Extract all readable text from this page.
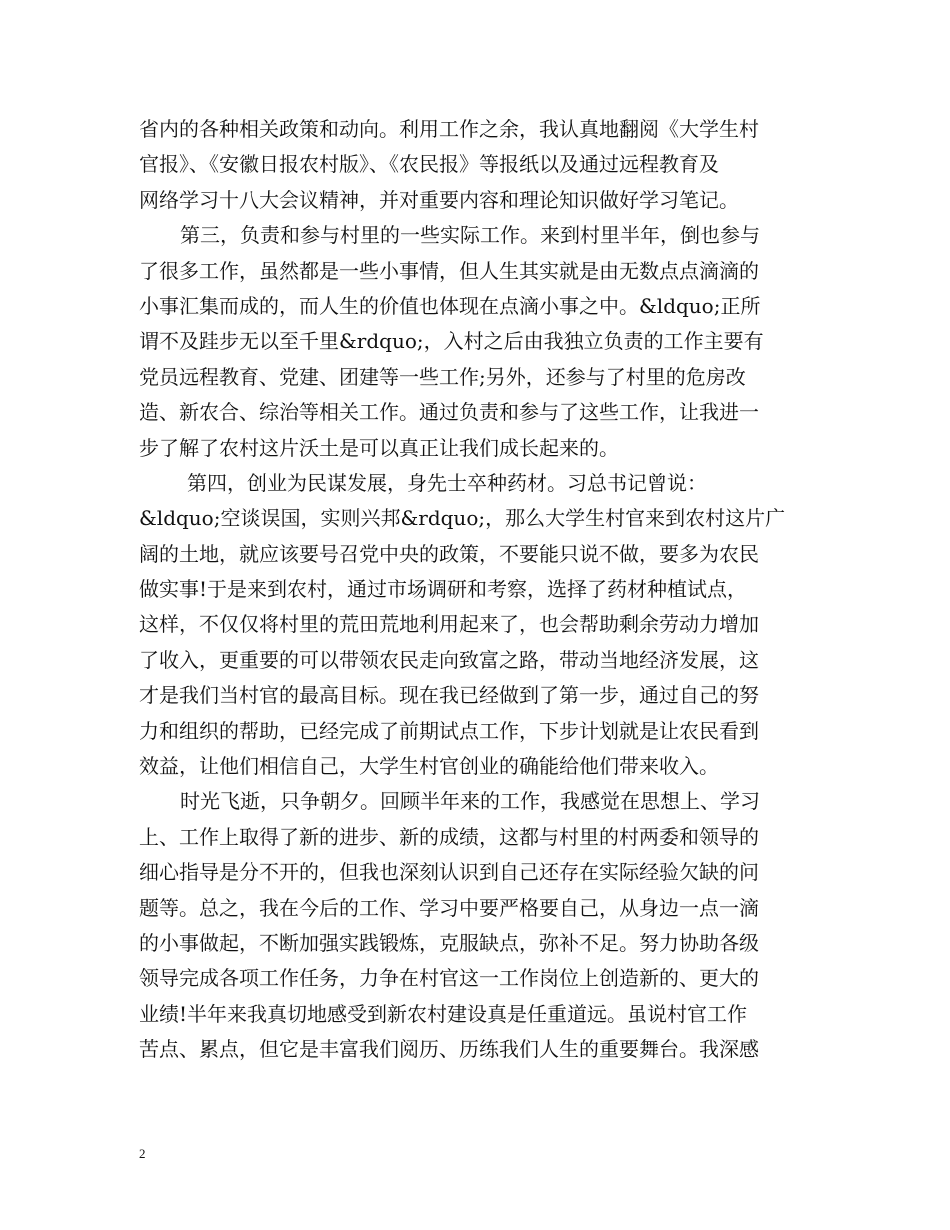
省内的各种相关政策和动向。利用工作之余，我认真地翻阅《大学生村
官报》、《安徽日报农村版》、《农民报》等报纸以及通过远程教育及
网络学习十八大会议精神，并对重要内容和理论知识做好学习笔记。
第三，负责和参与村里的一些实际工作。来到村里半年，倒也参与
了很多工作，虽然都是一些小事情，但人生其实就是由无数点点滴滴的
小事汇集而成的，而人生的价值也体现在点滴小事之中。&ldquo;正所
谓不及跬步无以至千里&rdquo;，入村之后由我独立负责的工作主要有
党员远程教育、党建、团建等一些工作;另外，还参与了村里的危房改
造、新农合、综治等相关工作。通过负责和参与了这些工作，让我进一
步了解了农村这片沃土是可以真正让我们成长起来的。
第四，创业为民谋发展，身先士卒种药材。习总书记曾说：
&ldquo;空谈误国，实则兴邦&rdquo;，那么大学生村官来到农村这片广
阔的土地，就应该要号召党中央的政策，不要能只说不做，要多为农民
做实事!于是来到农村，通过市场调研和考察，选择了药材种植试点，
这样，不仅仅将村里的荒田荒地利用起来了，也会帮助剩余劳动力增加
了收入，更重要的可以带领农民走向致富之路，带动当地经济发展，这
才是我们当村官的最高目标。现在我已经做到了第一步，通过自己的努
力和组织的帮助，已经完成了前期试点工作，下步计划就是让农民看到
效益，让他们相信自己，大学生村官创业的确能给他们带来收入。
时光飞逝，只争朝夕。回顾半年来的工作，我感觉在思想上、学习
上、工作上取得了新的进步、新的成绩，这都与村里的村两委和领导的
细心指导是分不开的，但我也深刻认识到自己还存在实际经验欠缺的问
题等。总之，我在今后的工作、学习中要严格要自己，从身边一点一滴
的小事做起，不断加强实践锻炼，克服缺点，弥补不足。努力协助各级
领导完成各项工作任务，力争在村官这一工作岗位上创造新的、更大的
业绩!半年来我真切地感受到新农村建设真是任重道远。虽说村官工作
苦点、累点，但它是丰富我们阅历、历练我们人生的重要舞台。我深感
2
